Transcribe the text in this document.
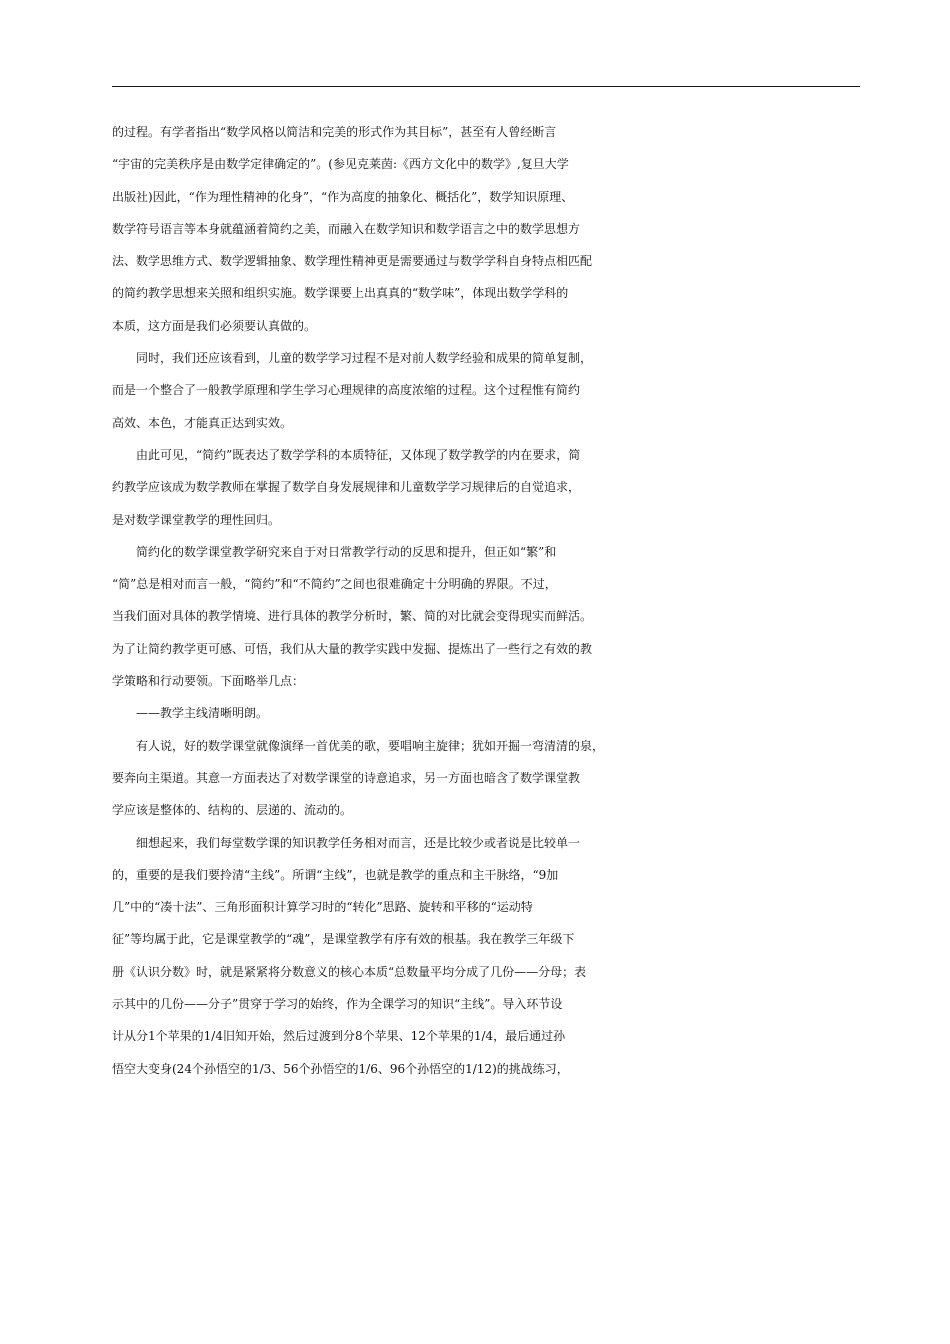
的过程。有学者指出“数学风格以简洁和完美的形式作为其目标”，甚至有人曾经断言
“宇宙的完美秩序是由数学定律确定的”。(参见克莱茵:《西方文化中的数学》,复旦大学
出版社)因此，“作为理性精神的化身”，“作为高度的抽象化、概括化”，数学知识原理、
数学符号语言等本身就蕴涵着简约之美，而融入在数学知识和数学语言之中的数学思想方
法、数学思维方式、数学逻辑抽象、数学理性精神更是需要通过与数学学科自身特点相匹配
的简约教学思想来关照和组织实施。数学课要上出真真的“数学味”，体现出数学学科的
本质，这方面是我们必须要认真做的。
　　同时，我们还应该看到，儿童的数学学习过程不是对前人数学经验和成果的简单复制，
而是一个整合了一般教学原理和学生学习心理规律的高度浓缩的过程。这个过程惟有简约
高效、本色，才能真正达到实效。
　　由此可见，“简约”既表达了数学学科的本质特征，又体现了数学教学的内在要求，简
约教学应该成为数学教师在掌握了数学自身发展规律和儿童数学学习规律后的自觉追求，
是对数学课堂教学的理性回归。
　　简约化的数学课堂教学研究来自于对日常教学行动的反思和提升，但正如“繁”和
“简”总是相对而言一般，“简约”和“不简约”之间也很难确定十分明确的界限。不过，
当我们面对具体的教学情境、进行具体的教学分析时，繁、简的对比就会变得现实而鲜活。
为了让简约教学更可感、可悟，我们从大量的教学实践中发掘、提炼出了一些行之有效的教
学策略和行动要领。下面略举几点：
　　——教学主线清晰明朗。
　　有人说，好的数学课堂就像演绎一首优美的歌，要唱响主旋律；犹如开掘一弯清清的泉，
要奔向主渠道。其意一方面表达了对数学课堂的诗意追求，另一方面也暗含了数学课堂教
学应该是整体的、结构的、层递的、流动的。
　　细想起来，我们每堂数学课的知识教学任务相对而言，还是比较少或者说是比较单一
的，重要的是我们要拎清“主线”。所谓“主线”，也就是教学的重点和主干脉络，“9加
几”中的“凑十法”、三角形面积计算学习时的“转化”思路、旋转和平移的“运动特
征”等均属于此，它是课堂教学的“魂”，是课堂教学有序有效的根基。我在教学三年级下
册《认识分数》时，就是紧紧将分数意义的核心本质“总数量平均分成了几份——分母；表
示其中的几份——分子”贯穿于学习的始终，作为全课学习的知识“主线”。导入环节设
计从分1个苹果的1/4旧知开始，然后过渡到分8个苹果、12个苹果的1/4，最后通过孙
悟空大变身(24个孙悟空的1/3、56个孙悟空的1/6、96个孙悟空的1/12)的挑战练习，
